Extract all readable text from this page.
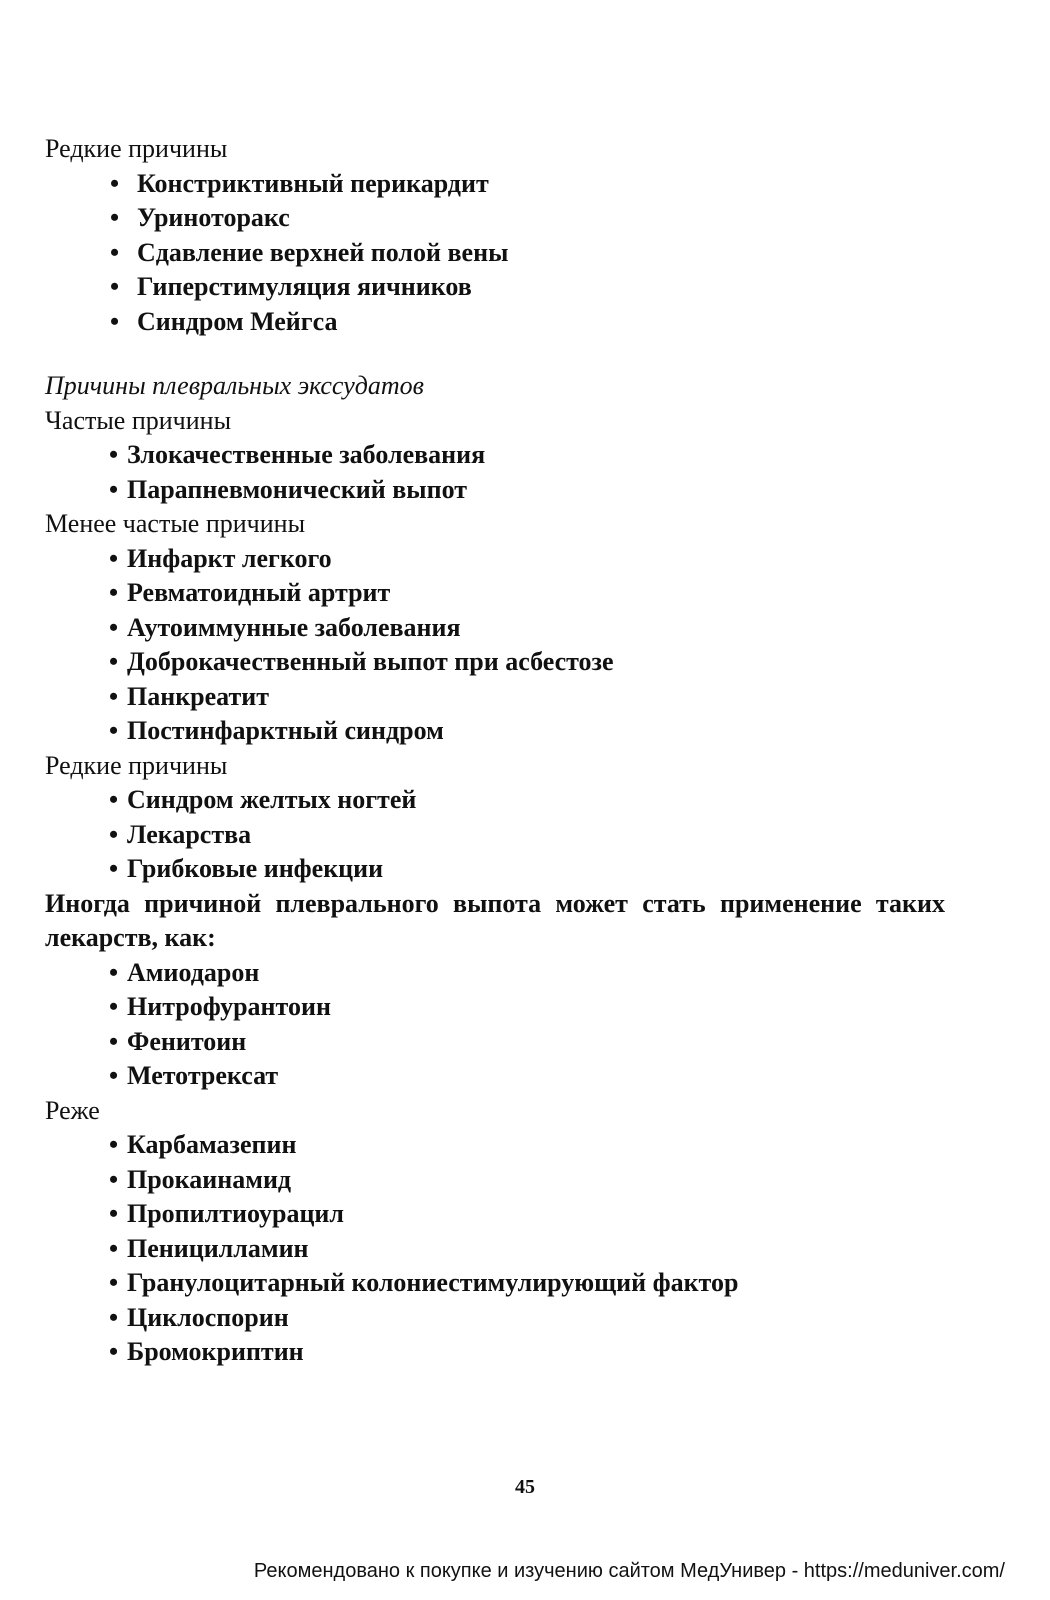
Редкие причины
• Констриктивный перикардит
• Уриноторакс
• Сдавление верхней полой вены
• Гиперстимуляция яичников
• Синдром Мейгса
Причины плевральных экссудатов
Частые причины
• Злокачественные заболевания
• Парапневмонический выпот
Менее частые причины
• Инфаркт легкого
• Ревматоидный артрит
• Аутоиммунные заболевания
• Доброкачественный выпот при асбестозе
• Панкреатит
• Постинфарктный синдром
Редкие причины
• Синдром желтых ногтей
• Лекарства
• Грибковые инфекции
Иногда причиной плеврального выпота может стать применение таких лекарств, как:
• Амиодарон
• Нитрофурантоин
• Фенитоин
• Метотрексат
Реже
• Карбамазепин
• Прокаинамид
• Пропилтиоурацил
• Пеницилламин
• Гранулоцитарный колониестимулирующий фактор
• Циклоспорин
• Бромокриптин
45
Рекомендовано к покупке и изучению сайтом МедУнивер - https://meduniver.com/
